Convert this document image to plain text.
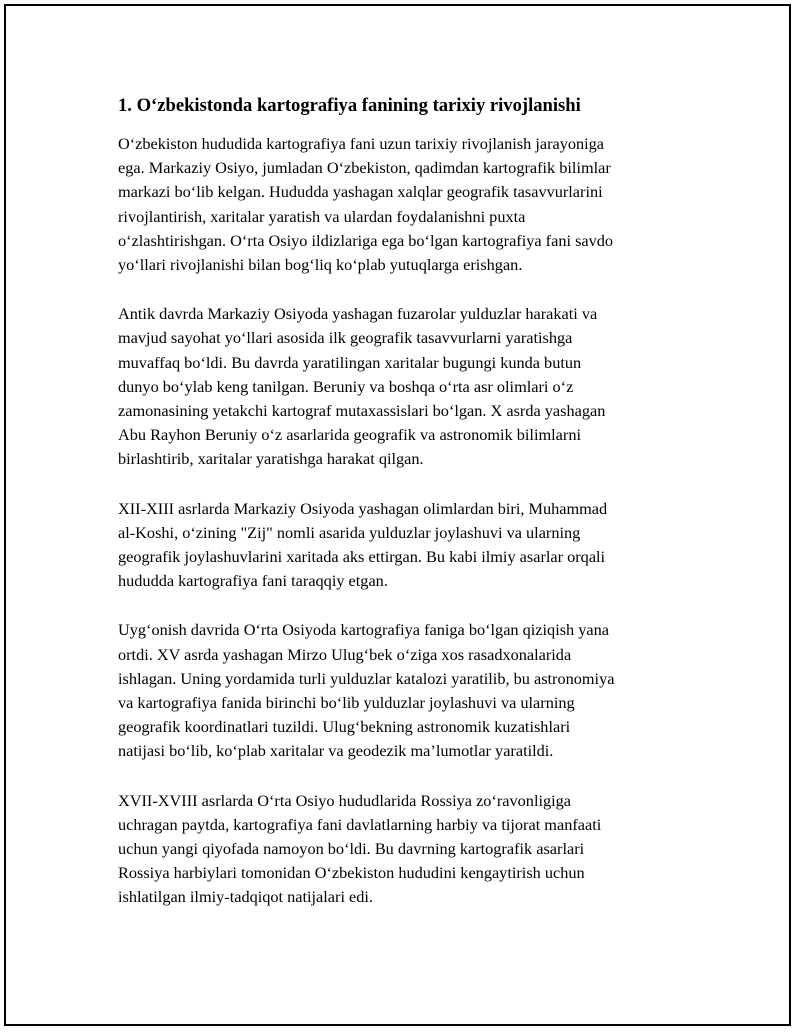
1. O‘zbekistonda kartografiya fanining tarixiy rivojlanishi

O‘zbekiston hududida kartografiya fani uzun tarixiy rivojlanish jarayoniga
ega. Markaziy Osiyo, jumladan O‘zbekiston, qadimdan kartografik bilimlar
markazi bo‘lib kelgan. Hududda yashagan xalqlar geografik tasavvurlarini
rivojlantirish, xaritalar yaratish va ulardan foydalanishni puxta
o‘zlashtirishgan. O‘rta Osiyo ildizlariga ega bo‘lgan kartografiya fani savdo
yo‘llari rivojlanishi bilan bog‘liq ko‘plab yutuqlarga erishgan.

Antik davrda Markaziy Osiyoda yashagan fuzarolar yulduzlar harakati va
mavjud sayohat yo‘llari asosida ilk geografik tasavvurlarni yaratishga
muvaffaq bo‘ldi. Bu davrda yaratilingan xaritalar bugungi kunda butun
dunyo bo‘ylab keng tanilgan. Beruniy va boshqa o‘rta asr olimlari o‘z
zamonasining yetakchi kartograf mutaxassislari bo‘lgan. X asrda yashagan
Abu Rayhon Beruniy o‘z asarlarida geografik va astronomik bilimlarni
birlashtirib, xaritalar yaratishga harakat qilgan.

XII-XIII asrlarda Markaziy Osiyoda yashagan olimlardan biri, Muhammad
al-Koshi, o‘zining "Zij" nomli asarida yulduzlar joylashuvi va ularning
geografik joylashuvlarini xaritada aks ettirgan. Bu kabi ilmiy asarlar orqali
hududda kartografiya fani taraqqiy etgan.

Uyg‘onish davrida O‘rta Osiyoda kartografiya faniga bo‘lgan qiziqish yana
ortdi. XV asrda yashagan Mirzo Ulug‘bek o‘ziga xos rasadxonalarida
ishlagan. Uning yordamida turli yulduzlar katalozi yaratilib, bu astronomiya
va kartografiya fanida birinchi bo‘lib yulduzlar joylashuvi va ularning
geografik koordinatlari tuzildi. Ulug‘bekning astronomik kuzatishlari
natijasi bo‘lib, ko‘plab xaritalar va geodezik ma’lumotlar yaratildi.

XVII-XVIII asrlarda O‘rta Osiyo hududlarida Rossiya zo‘ravonligiga
uchragan paytda, kartografiya fani davlatlarning harbiy va tijorat manfaati
uchun yangi qiyofada namoyon bo‘ldi. Bu davrning kartografik asarlari
Rossiya harbiylari tomonidan O‘zbekiston hududini kengaytirish uchun
ishlatilgan ilmiy-tadqiqot natijalari edi.
